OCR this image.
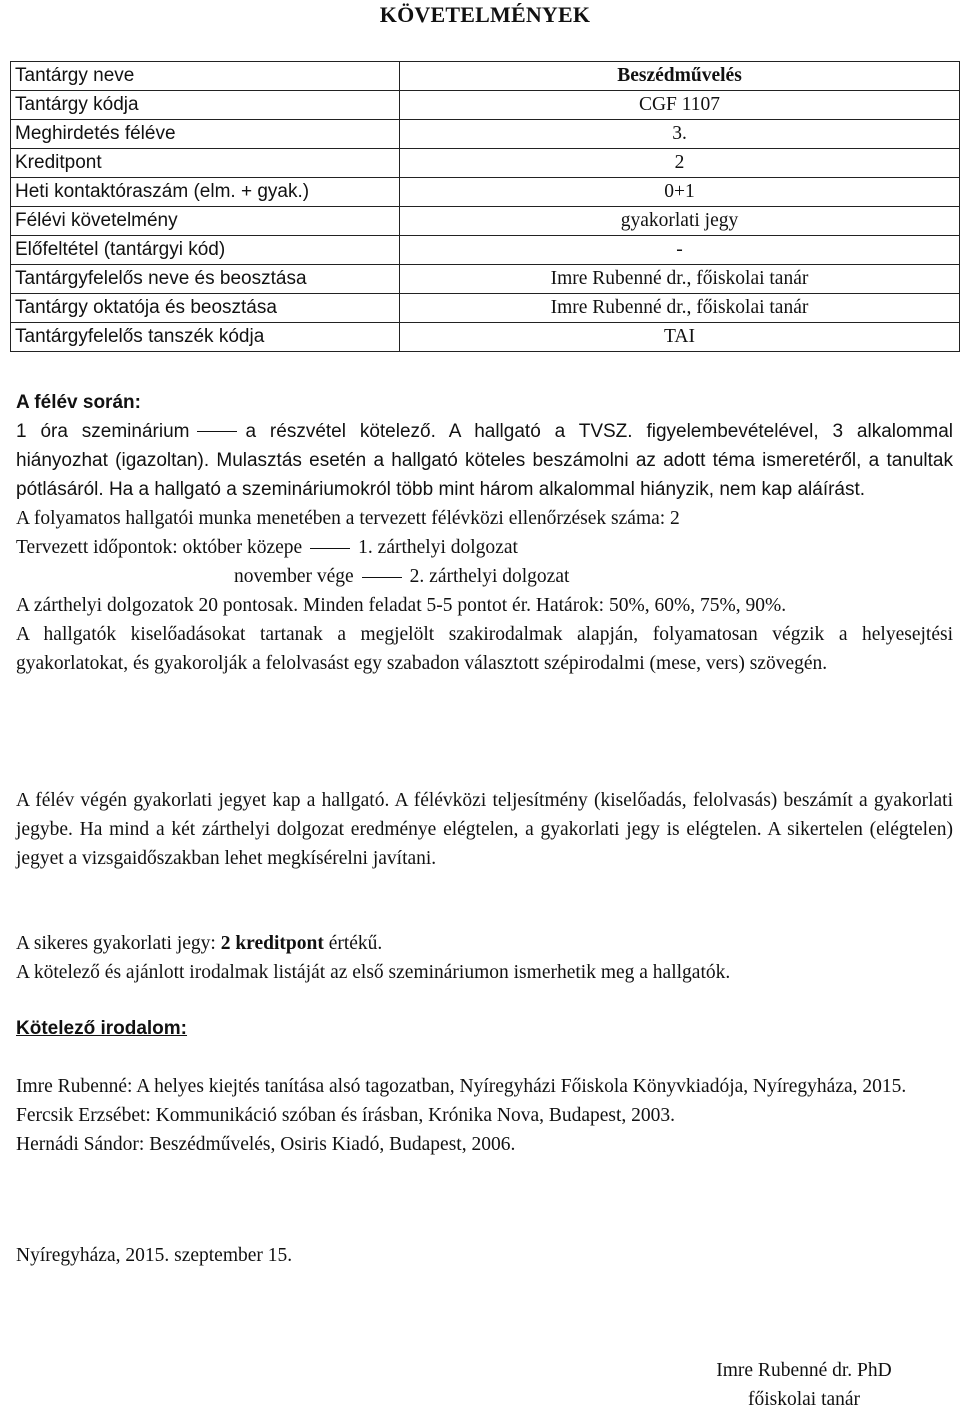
KÖVETELMÉNYEK
Tantárgy neve	Beszédművelés
Tantárgy kódja	CGF 1107
Meghirdetés féléve	3.
Kreditpont	2
Heti kontaktóraszám (elm. + gyak.)	0+1
Félévi követelmény	gyakorlati jegy
Előfeltétel (tantárgyi kód)	-
Tantárgyfelelős neve és beosztása	Imre Rubenné dr., főiskolai tanár
Tantárgy oktatója és beosztása	Imre Rubenné dr., főiskolai tanár
Tantárgyfelelős tanszék kódja	TAI
A félév során:

1 óra szeminárium	a részvétel kötelező. A hallgató a TVSZ. figyelembevételével, 3 alkalommal hiányozhat (igazoltan). Mulasztás esetén a hallgató köteles beszámolni az adott téma ismeretéről, a tanultak pótlásáról. Ha a hallgató a szemináriumokról több mint három alkalommal hiányzik, nem kap aláírást.

A folyamatos hallgatói munka menetében a tervezett félévközi ellenőrzések száma: 2

Tervezett időpontok: október közepe	1. zárthelyi dolgozat
november vége	2. zárthelyi dolgozat

A zárthelyi dolgozatok 20 pontosak. Minden feladat 5-5 pontot ér. Határok: 50%, 60%, 75%, 90%.

A hallgatók kiselőadásokat tartanak a megjelölt szakirodalmak alapján, folyamatosan végzik a helyesejtési gyakorlatokat, és gyakorolják a felolvasást egy szabadon választott szépirodalmi (mese, vers) szövegén.

A félév végén gyakorlati jegyet kap a hallgató. A félévközi teljesítmény (kiselőadás, felolvasás) beszámít a gyakorlati jegybe. Ha mind a két zárthelyi dolgozat eredménye elégtelen, a gyakorlati jegy is elégtelen. A sikertelen (elégtelen) jegyet a vizsgaidőszakban lehet megkísérelni javítani.

A sikeres gyakorlati jegy: 2 kreditpont értékű.
A kötelező és ajánlott irodalmak listáját az első szemináriumon ismerhetik meg a hallgatók.
Kötelező irodalom:
Imre Rubenné: A helyes kiejtés tanítása alsó tagozatban, Nyíregyházi Főiskola Könyvkiadója, Nyíregyháza, 2015.
Fercsik Erzsébet: Kommunikáció szóban és írásban, Krónika Nova, Budapest, 2003.
Hernádi Sándor: Beszédművelés, Osiris Kiadó, Budapest, 2006.
Nyíregyháza, 2015. szeptember 15.
Imre Rubenné dr. PhD
főiskolai tanár
